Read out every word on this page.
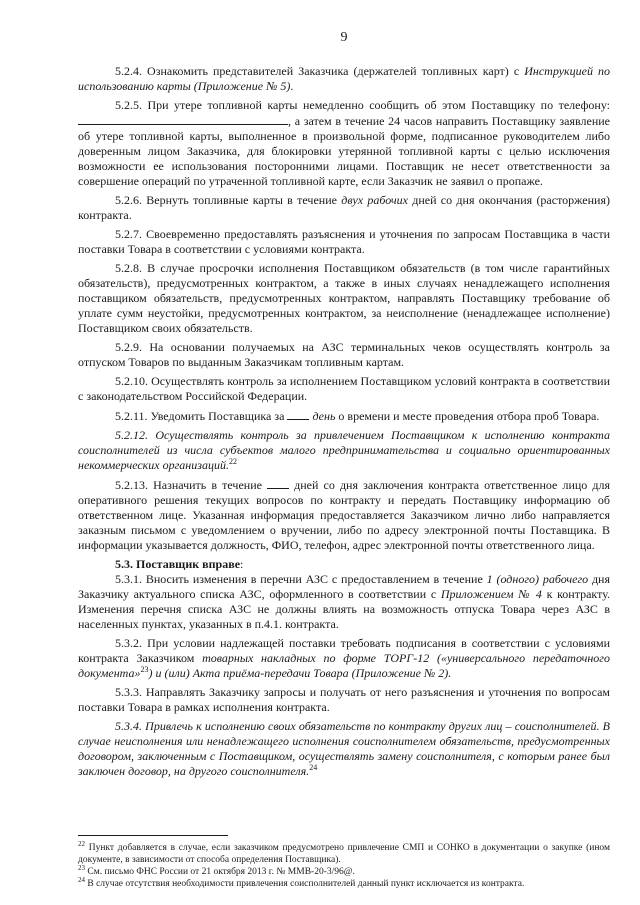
9

5.2.4. Ознакомить представителей Заказчика (держателей топливных карт) с Инструкцией по использованию карты (Приложение № 5).

5.2.5. При утере топливной карты немедленно сообщить об этом Поставщику по телефону:, а затем в течение 24 часов направить Поставщику заявление об утере топливной карты, выполненное в произвольной форме, подписанное руководителем либо доверенным лицом Заказчика, для блокировки утерянной топливной карты с целью исключения возможности ее использования посторонними лицами. Поставщик не несет ответственности за совершение операций по утраченной топливной карте, если Заказчик не заявил о пропаже.

5.2.6. Вернуть топливные карты в течение двух рабочих дней со дня окончания (расторжения) контракта.

5.2.7. Своевременно предоставлять разъяснения и уточнения по запросам Поставщика в части поставки Товара в соответствии с условиями контракта.

5.2.8. В случае просрочки исполнения Поставщиком обязательств (в том числе гарантийных обязательств), предусмотренных контрактом, а также в иных случаях ненадлежащего исполнения поставщиком обязательств, предусмотренных контрактом, направлять Поставщику требование об уплате сумм неустойки, предусмотренных контрактом, за неисполнение (ненадлежащее исполнение) Поставщиком своих обязательств.

5.2.9. На основании получаемых на АЗС терминальных чеков осуществлять контроль за отпуском Товаров по выданным Заказчикам топливным картам.

5.2.10. Осуществлять контроль за исполнением Поставщиком условий контракта в соответствии с законодательством Российской Федерации.

5.2.11. Уведомить Поставщика за  день о времени и месте проведения отбора проб Товара.

5.2.12. Осуществлять контроль за привлечением Поставщиком к исполнению контракта соисполнителей из числа субъектов малого предпринимательства и социально ориентированных некоммерческих организаций.$^{22}$

5.2.13. Назначить в течение	дней со дня заключения контракта ответственное лицо для оперативного решения текущих вопросов по контракту и передать Поставщику информацию об ответственном лице. Указанная информация предоставляется Заказчиком лично либо направляется заказным письмом с уведомлением о вручении, либо по адресу электронной почты Поставщика. В информации указывается должность, ФИО, телефон, адрес электронной почты ответственного лица.

5.3. Поставщик вправе:

5.3.1. Вносить изменения в перечни АЗС с предоставлением в течение 1 (одного) рабочего дня Заказчику актуального списка АЗС, оформленного в соответствии с Приложением № 4 к контракту. Изменения перечня списка АЗС не должны влиять на возможность отпуска Товара через АЗС в населенных пунктах, указанных в п.4.1. контракта.

5.3.2. При условии надлежащей поставки требовать подписания в соответствии с условиями контракта Заказчиком товарных накладных по форме ТОРГ-12 («универсального передаточного документа»$^{23}$) и (или) Акта приёма-передачи Товара (Приложение № 2).

5.3.3. Направлять Заказчику запросы и получать от него разъяснения и уточнения по вопросам поставки Товара в рамках исполнения контракта.

5.3.4. Привлечь к исполнению своих обязательств по контракту других лиц – соисполнителей. В случае неисполнения или ненадлежащего исполнения соисполнителем обязательств, предусмотренных договором, заключенным с Поставщиком, осуществлять замену соисполнителя, с которым ранее был заключен договор, на другого соисполнителя.$^{24}$

$^{22}$ Пункт добавляется в случае, если заказчиком предусмотрено привлечение СМП и СОНКО в документации о закупке (ином документе, в зависимости от способа определения Поставщика).

$^{23}$ См. письмо ФНС России от 21 октября 2013 г. № ММВ-20-3/96@.

$^{24}$ В случае отсутствия необходимости привлечения соисполнителей данный пункт исключается из контракта.
